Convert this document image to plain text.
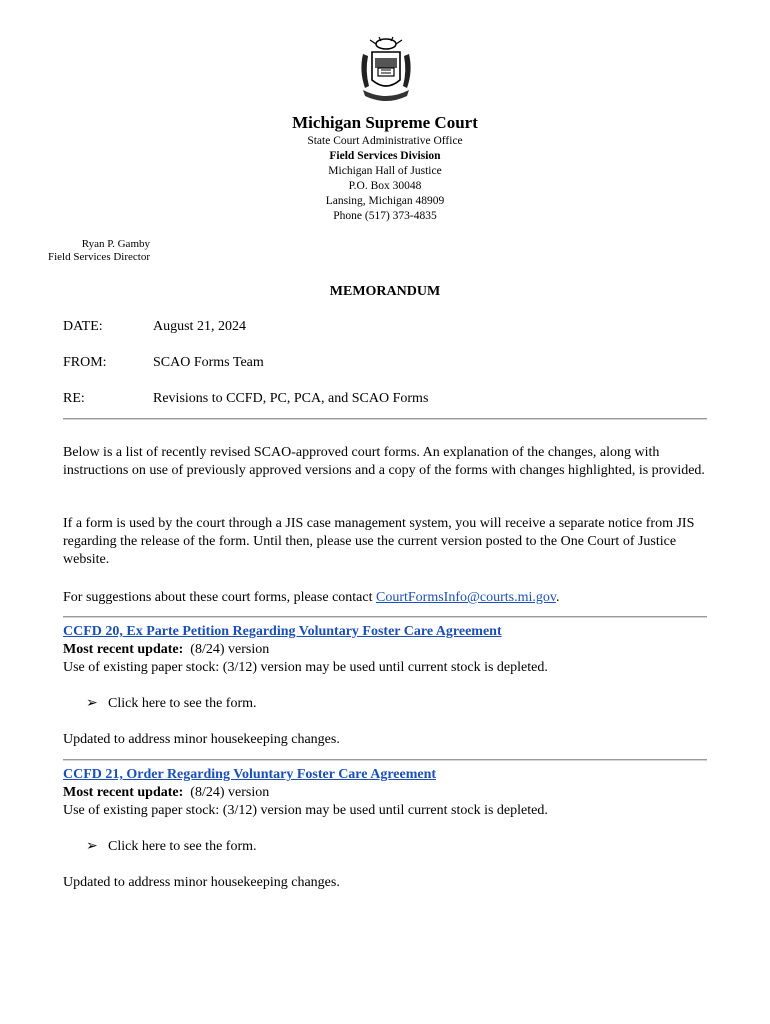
Michigan Supreme Court
State Court Administrative Office
Field Services Division
Michigan Hall of Justice
P.O. Box 30048
Lansing, Michigan 48909
Phone (517) 373-4835
Ryan P. Gamby
Field Services Director
MEMORANDUM
DATE:	August 21, 2024
FROM:	SCAO Forms Team
RE:	Revisions to CCFD, PC, PCA, and SCAO Forms
Below is a list of recently revised SCAO-approved court forms. An explanation of the changes, along with instructions on use of previously approved versions and a copy of the forms with changes highlighted, is provided.
If a form is used by the court through a JIS case management system, you will receive a separate notice from JIS regarding the release of the form. Until then, please use the current version posted to the One Court of Justice website.
For suggestions about these court forms, please contact CourtFormsInfo@courts.mi.gov.
CCFD 20, Ex Parte Petition Regarding Voluntary Foster Care Agreement
Most recent update:  (8/24) version
Use of existing paper stock: (3/12) version may be used until current stock is depleted.
➢ Click here to see the form.
Updated to address minor housekeeping changes.
CCFD 21, Order Regarding Voluntary Foster Care Agreement
Most recent update:  (8/24) version
Use of existing paper stock: (3/12) version may be used until current stock is depleted.
➢ Click here to see the form.
Updated to address minor housekeeping changes.
